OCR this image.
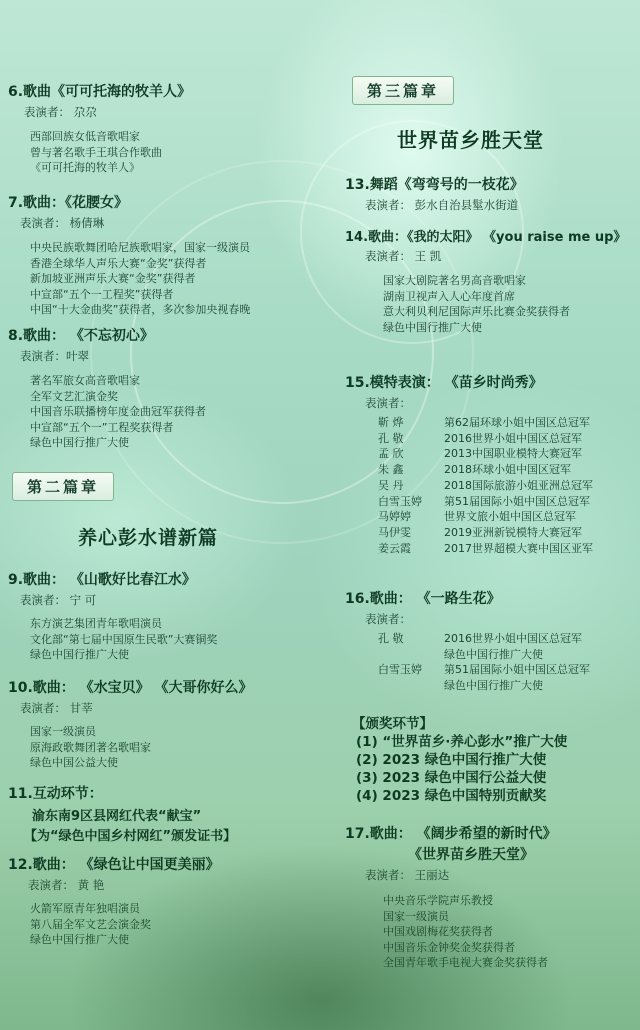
6.歌曲《可可托海的牧羊人》
表演者： 尕尕
西部回族女低音歌唱家
曾与著名歌手王琪合作歌曲
《可可托海的牧羊人》
7.歌曲：《花腰女》
表演者： 杨倩琳
中央民族歌舞团哈尼族歌唱家，国家一级演员
香港全球华人声乐大赛“金奖”获得者
新加坡亚洲声乐大赛“金奖”获得者
中宣部“五个一工程奖”获得者
中国“十大金曲奖”获得者，多次参加央视春晚
8.歌曲： 《不忘初心》
表演者：叶翠
著名军旅女高音歌唱家
全军文艺汇演金奖
中国音乐联播榜年度金曲冠军获得者
中宣部“五个一”工程奖获得者
绿色中国行推广大使
第二篇章
养心彭水谱新篇
9.歌曲： 《山歌好比春江水》
表演者： 宁 可
东方演艺集团青年歌唱演员
文化部“第七届中国原生民歌”大赛铜奖
绿色中国行推广大使
10.歌曲： 《水宝贝》 《大哥你好么》
表演者： 甘莘
国家一级演员
原海政歌舞团著名歌唱家
绿色中国公益大使
11.互动环节：
渝东南9区县网红代表“献宝”
【为“绿色中国乡村网红”颁发证书】
12.歌曲： 《绿色让中国更美丽》
表演者： 黄 艳
火箭军原青年独唱演员
第八届全军文艺会演金奖
绿色中国行推广大使
第三篇章
世界苗乡胜天堂
13.舞蹈《弯弯号的一枝花》
表演者： 彭水自治县髽水街道
14.歌曲：《我的太阳》 《you raise me up》
表演者： 王 凯
国家大剧院著名男高音歌唱家
湖南卫视声入人心年度首席
意大利贝利尼国际声乐比赛金奖获得者
绿色中国行推广大使
15.模特表演： 《苗乡时尚秀》
表演者：
靳 烨	第62届环球小姐中国区总冠军
孔 敬	2016世界小姐中国区总冠军
孟 欣	2013中国职业模特大赛冠军
朱 鑫	2018环球小姐中国区冠军
吴 丹	2018国际旅游小姐亚洲总冠军
白雪玉婷	第51届国际小姐中国区总冠军
马婷婷	世界文旅小姐中国区总冠军
马伊雯	2019亚洲新锐模特大赛冠军
姜云霞	2017世界超模大赛中国区亚军
16.歌曲： 《一路生花》
表演者：
孔 敬	2016世界小姐中国区总冠军
绿色中国行推广大使
白雪玉婷	第51届国际小姐中国区总冠军
绿色中国行推广大使
【颁奖环节】
(1) “世界苗乡·养心彭水”推广大使
(2) 2023 绿色中国行推广大使
(3) 2023 绿色中国行公益大使
(4) 2023 绿色中国特别贡献奖
17.歌曲： 《阔步希望的新时代》
《世界苗乡胜天堂》
表演者： 王丽达
中央音乐学院声乐教授
国家一级演员
中国戏剧梅花奖获得者
中国音乐金钟奖金奖获得者
全国青年歌手电视大赛金奖获得者
